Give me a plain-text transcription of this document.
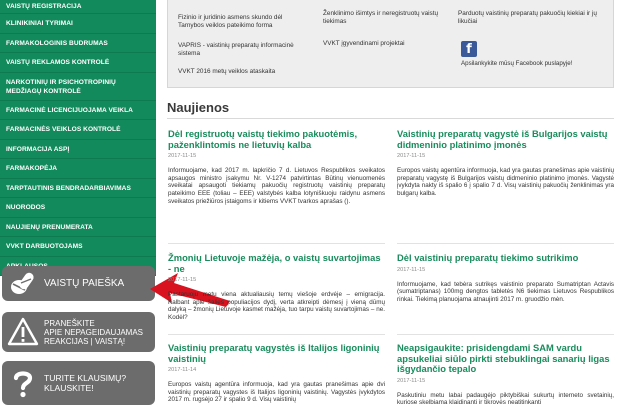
VAISTŲ REGISTRACIJA
KLINIKINIAI TYRIMAI
FARMAKOLOGINIS BUDRUMAS
VAISTŲ REKLAMOS KONTROLĖ
NARKOTINIŲ IR PSICHOTROPINIŲ MEDŽIAGŲ KONTROLĖ
FARMACINĖ LICENCIJUOJAMA VEIKLA
FARMACINĖS VEIKLOS KONTROLĖ
INFORMACIJA ASPĮ
FARMAKOPĖJA
TARPTAUTINIS BENDRADARBIAVIMAS
NUORODOS
NAUJIENŲ PRENUMERATA
VVKT DARBUOTOJAMS
VAISTŲ PAIEŠKA
PRANEŠKITE
APIE NEPAGEIDAUJAMAS
REAKCIJAS | VAISTĄ!
TURITE KLAUSIMŲ?
KLAUSKITE!
Fizinio ir juridinio asmens skundo dėl Tarnybos veiklos pateikimo forma
VAPRIS - vaistinių preparatų informacinė sistema
VVKT 2016 metų veiklos ataskaita
Ženklinimo išimtys ir neregistruotų vaistų tiekimas
VVKT įgyvendinami projektai
Parduotų vaistinių preparatų pakuočių kiekiai ir jų likučiai
f
Apsilankykite mūsų Facebook puslapyje!
Naujienos
Dėl registruotų vaistų tiekimo pakuotėmis, paženklintomis ne lietuvių kalba
2017-11-15

Informuojame, kad 2017 m. lapkričio 7 d. Lietuvos Respublikos sveikatos apsaugos ministro įsakymu Nr. V-1274 patvirtintas Būtinų vienuomenės sveikatai apsaugoti tiekiamų pakuočių registruotų vaistinių preparatų pateikimo EEE (toliau – EEE) valstybės kalba lotyniškuoju raidynu asmens sveikatos priežiūros įstaigoms ir kitiems VVKT tvarkos aprašas ().

Vaistinių preparatų vagystė iš Bulgarijos vaistų didmeninio platinimo įmonės
2017-11-15

Europos vaistų agentūra informuoja, kad yra gautas pranešimas apie vaistinių preparatų vagystę iš Bulgarijos vaistų didmeninio platinimo įmonės. Vagystė įvykdyta nakty iš spalio 6 į spalio 7 d. Visų vaistinių pakuočių ženklinimas yra bulgarų kalba.

Žmonių Lietuvoje mažėja, o vaistų suvartojimas - ne
2017-11-15

Pastaruoju metu viena aktualiausių temų viešoje erdvėje – emigracija. Kalbant apie šalies populiacijos dydį, verta atkreipti dėmesį į vieną dūmų dalyką – žmonių Lietuvoje kasmet mažėja, tuo tarpu vaistų suvartojimas – ne. Kodėl?

Dėl vaistinių preparatų tiekimo sutrikimo
2017-11-15

Informuojame, kad tebėra sutrikęs vaistinio preparato Sumatriptan Actavis (sumatriptanas) 100mg dengtos tabletės N6 tiekimas Lietuvos Respublikos rinkai. Tiekimą planuojama atnaujinti 2017 m. gruodžio mėn.

Vaistinių preparatų vagystės iš Italijos ligoninių vaistinių
2017-11-14

Europos vaistų agentūra informuoja, kad yra gautas pranešimas apie dvi vaistinių preparatų vagystes iš Italijos ligoninių vaistinių. Vagystės įvykdytos 2017 m. rugsėjo 27 ir spalio 9 d. Visų vaistinių

Neapsigaukite: prisidengdami SAM vardu apsukeliai siūlo pirkti stebuklingai sanarių ligas išgydančio tepalo
2017-11-15

Paskutiniu metu labai padaugėjo piktybiškai sukurtų interneto svetainių, kuriose skelbiama klaidinanti ir tikrovės neatitinkanti
